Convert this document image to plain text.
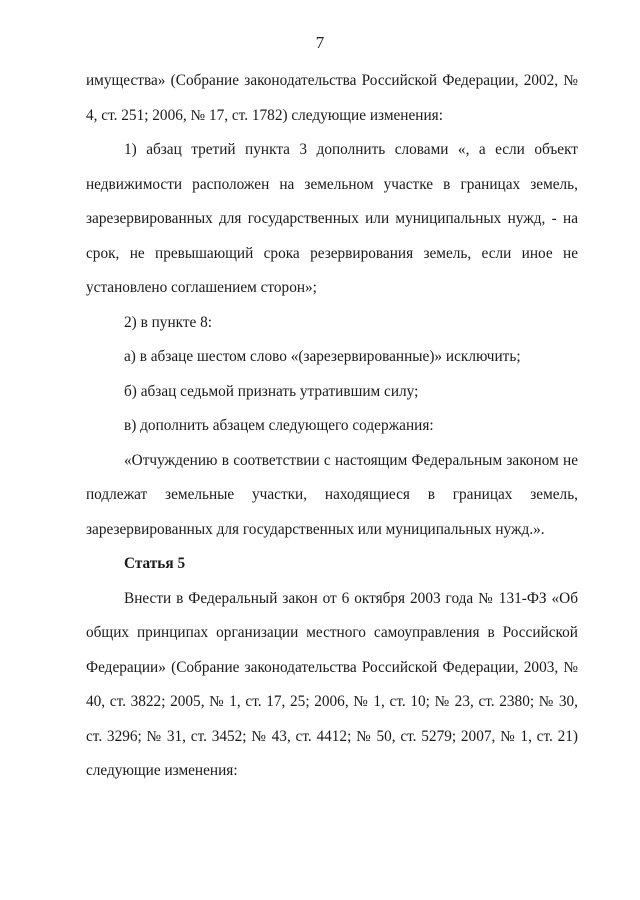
7

имущества» (Собрание законодательства Российской Федерации, 2002, № 4, ст. 251; 2006, № 17, ст. 1782) следующие изменения:

1) абзац третий пункта 3 дополнить словами «, а если объект недвижимости расположен на земельном участке в границах земель, зарезервированных для государственных или муниципальных нужд, - на срок, не превышающий срока резервирования земель, если иное не установлено соглашением сторон»;

2) в пункте 8:

а) в абзаце шестом слово «(зарезервированные)» исключить;

б) абзац седьмой признать утратившим силу;

в) дополнить абзацем следующего содержания:

«Отчуждению в соответствии с настоящим Федеральным законом не подлежат земельные участки, находящиеся в границах земель, зарезервированных для государственных или муниципальных нужд.».

Статья 5

Внести в Федеральный закон от 6 октября 2003 года № 131-ФЗ «Об общих принципах организации местного самоуправления в Российской Федерации» (Собрание законодательства Российской Федерации, 2003, № 40, ст. 3822; 2005, № 1, ст. 17, 25; 2006, № 1, ст. 10; № 23, ст. 2380; № 30, ст. 3296; № 31, ст. 3452; № 43, ст. 4412; № 50, ст. 5279; 2007, № 1, ст. 21) следующие изменения:
